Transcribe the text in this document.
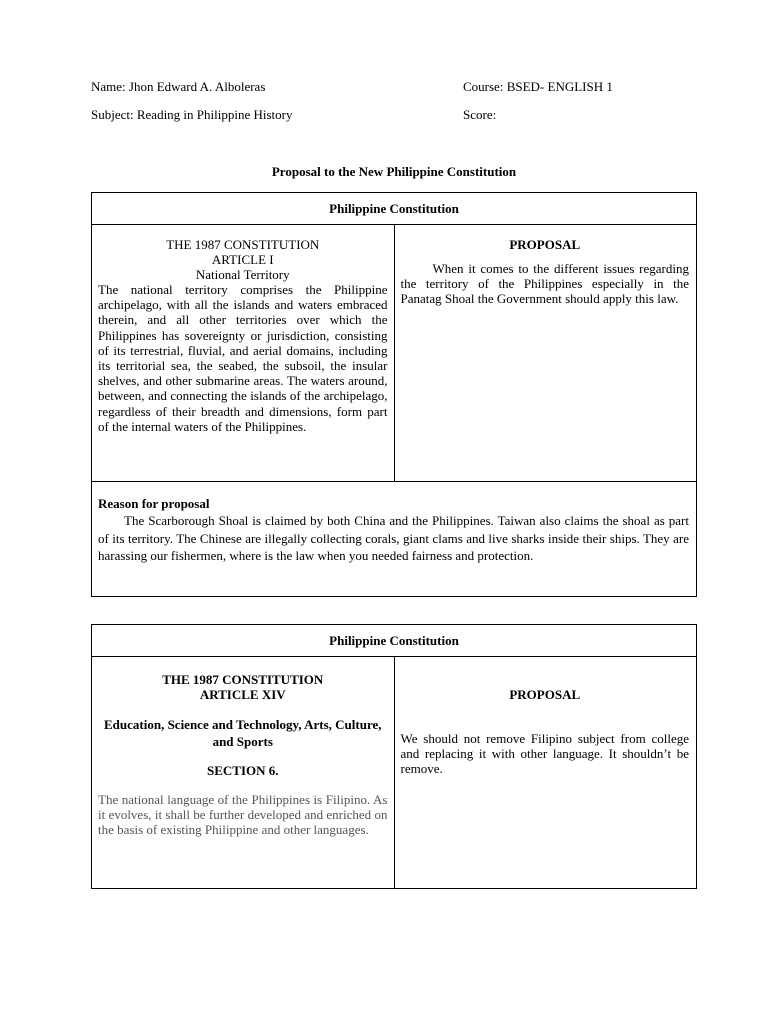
Name: Jhon Edward A. Alboleras	Course: BSED- ENGLISH 1
Subject: Reading in Philippine History	Score:
Proposal to the New Philippine Constitution
Philippine Constitution

THE 1987 CONSTITUTION
ARTICLE I
National Territory

The national territory comprises the Philippine archipelago, with all the islands and waters embraced therein, and all other territories over which the Philippines has sovereignty or jurisdiction, consisting of its terrestrial, fluvial, and aerial domains, including its territorial sea, the seabed, the subsoil, the insular shelves, and other submarine areas. The waters around, between, and connecting the islands of the archipelago, regardless of their breadth and dimensions, form part of the internal waters of the Philippines.

PROPOSAL

When it comes to the different issues regarding the territory of the Philippines especially in the Panatag Shoal the Government should apply this law.

Reason for proposal

The Scarborough Shoal is claimed by both China and the Philippines. Taiwan also claims the shoal as part of its territory. The Chinese are illegally collecting corals, giant clams and live sharks inside their ships. They are harassing our fishermen, where is the law when you needed fairness and protection.

Philippine Constitution

THE 1987 CONSTITUTION
ARTICLE XIV
Education, Science and Technology, Arts, Culture, and Sports
SECTION 6.

The national language of the Philippines is Filipino. As it evolves, it shall be further developed and enriched on the basis of existing Philippine and other languages.

PROPOSAL

We should not remove Filipino subject from college and replacing it with other language. It shouldn’t be remove.
